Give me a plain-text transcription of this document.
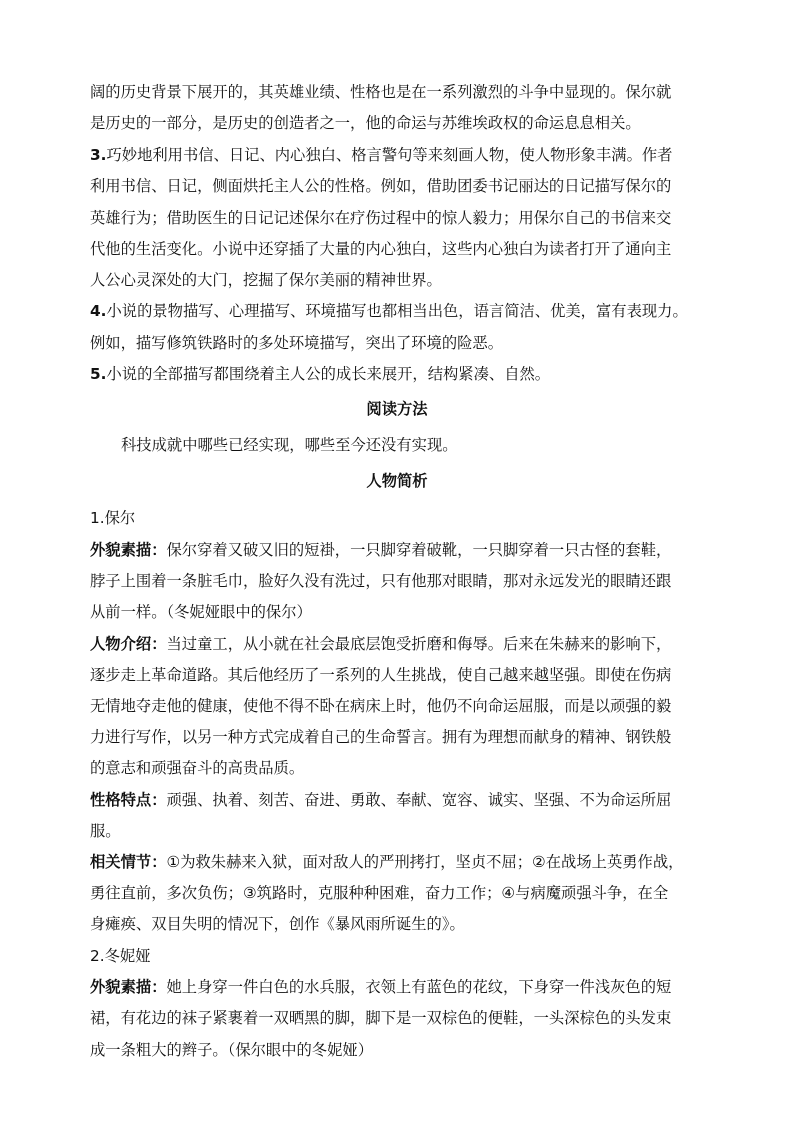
阔的历史背景下展开的，其英雄业绩、性格也是在一系列激烈的斗争中显现的。保尔就

是历史的一部分，是历史的创造者之一，他的命运与苏维埃政权的命运息息相关。

3.巧妙地利用书信、日记、内心独白、格言警句等来刻画人物，使人物形象丰满。作者

利用书信、日记，侧面烘托主人公的性格。例如，借助团委书记丽达的日记描写保尔的

英雄行为；借助医生的日记记述保尔在疗伤过程中的惊人毅力；用保尔自己的书信来交

代他的生活变化。小说中还穿插了大量的内心独白，这些内心独白为读者打开了通向主

人公心灵深处的大门，挖掘了保尔美丽的精神世界。

4.小说的景物描写、心理描写、环境描写也都相当出色，语言简洁、优美，富有表现力。

例如，描写修筑铁路时的多处环境描写，突出了环境的险恶。

5.小说的全部描写都围绕着主人公的成长来展开，结构紧凑、自然。

阅读方法

科技成就中哪些已经实现，哪些至今还没有实现。

人物简析

1.保尔

外貌素描：保尔穿着又破又旧的短褂，一只脚穿着破靴，一只脚穿着一只古怪的套鞋，

脖子上围着一条脏毛巾，脸好久没有洗过，只有他那对眼睛，那对永远发光的眼睛还跟

从前一样。（冬妮娅眼中的保尔）

人物介绍：当过童工，从小就在社会最底层饱受折磨和侮辱。后来在朱赫来的影响下，

逐步走上革命道路。其后他经历了一系列的人生挑战，使自己越来越坚强。即使在伤病

无情地夺走他的健康，使他不得不卧在病床上时，他仍不向命运屈服，而是以顽强的毅

力进行写作，以另一种方式完成着自己的生命誓言。拥有为理想而献身的精神、钢铁般

的意志和顽强奋斗的高贵品质。

性格特点：顽强、执着、刻苦、奋进、勇敢、奉献、宽容、诚实、坚强、不为命运所屈

服。

相关情节：①为救朱赫来入狱，面对敌人的严刑拷打，坚贞不屈；②在战场上英勇作战，

勇往直前，多次负伤；③筑路时，克服种种困难，奋力工作；④与病魔顽强斗争，在全

身瘫痪、双目失明的情况下，创作《暴风雨所诞生的》。

2.冬妮娅

外貌素描：她上身穿一件白色的水兵服，衣领上有蓝色的花纹，下身穿一件浅灰色的短

裙，有花边的袜子紧裹着一双晒黑的脚，脚下是一双棕色的便鞋，一头深棕色的头发束

成一条粗大的辫子。（保尔眼中的冬妮娅）
